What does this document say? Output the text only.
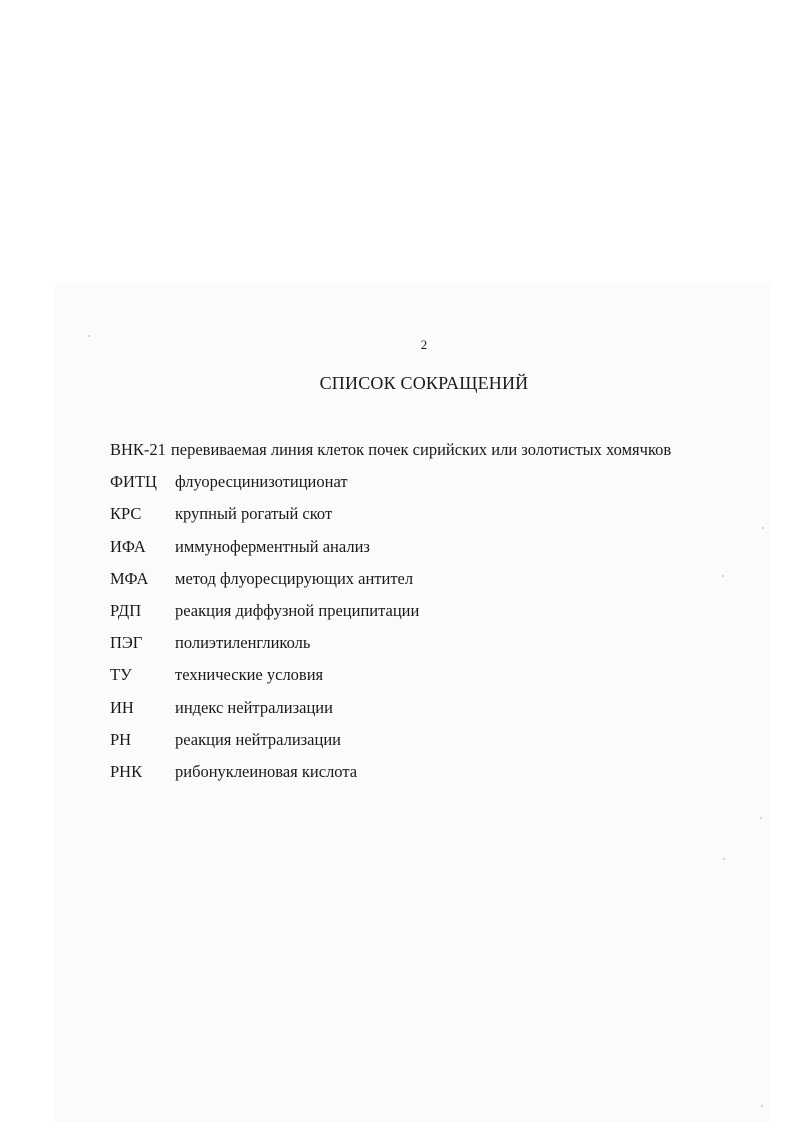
2
СПИСОК СОКРАЩЕНИЙ
ВНК-21 перевиваемая линия клеток почек сирийских или золотистых хомячков
ФИТЦ флуоресцинизотиционат
КРС крупный рогатый скот
ИФА иммуноферментный анализ
МФА метод флуоресцирующих антител
РДП реакция диффузной преципитации
ПЭГ полиэтиленгликоль
ТУ	технические условия
ИН индекс нейтрализации
РН	реакция нейтрализации
РНК рибонуклеиновая кислота
